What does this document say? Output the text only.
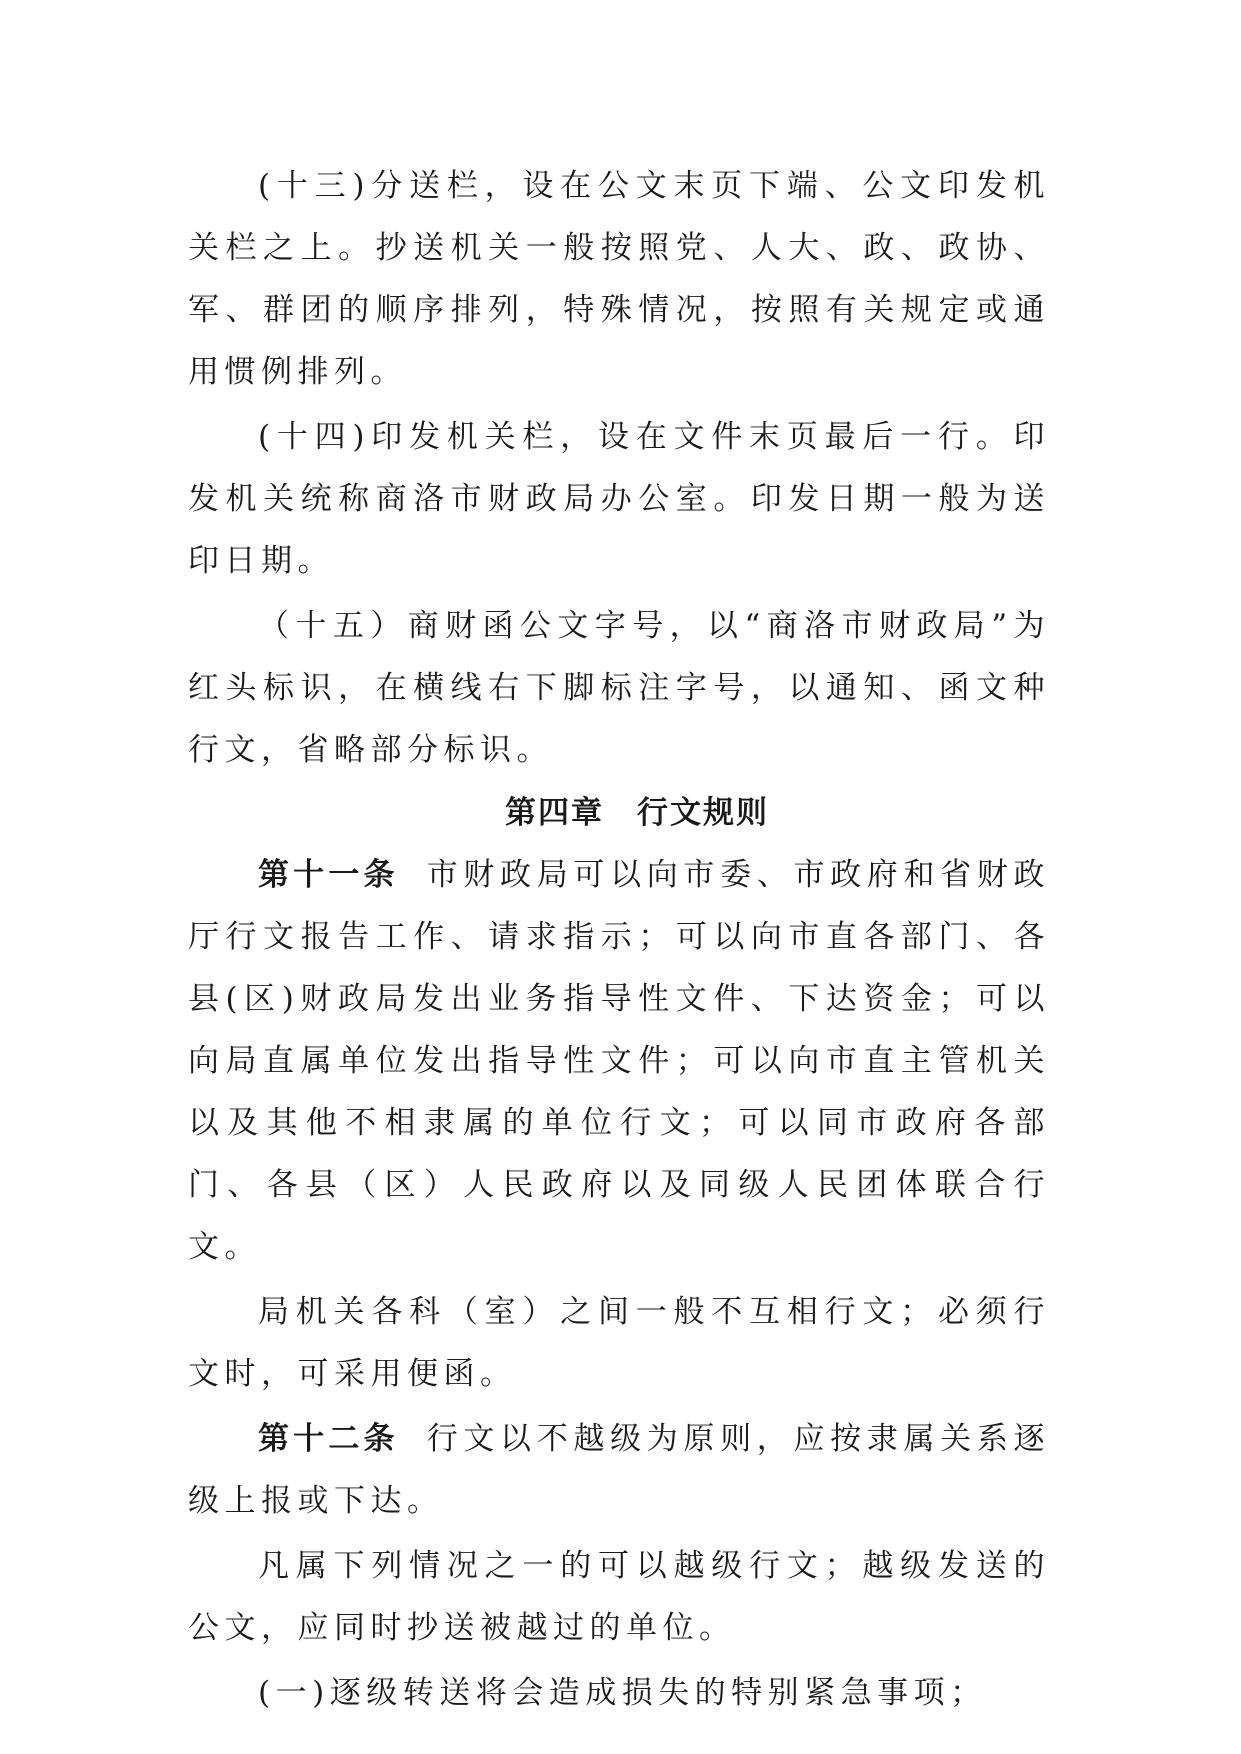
(十三)分送栏，设在公文末页下端、公文印发机关栏之上。抄送机关一般按照党、人大、政、政协、军、群团的顺序排列，特殊情况，按照有关规定或通用惯例排列。

(十四)印发机关栏，设在文件末页最后一行。印发机关统称商洛市财政局办公室。印发日期一般为送印日期。

（十五）商财函公文字号，以“商洛市财政局”为红头标识，在横线右下脚标注字号，以通知、函文种行文，省略部分标识。

第四章　行文规则

第十一条 市财政局可以向市委、市政府和省财政厅行文报告工作、请求指示；可以向市直各部门、各县(区)财政局发出业务指导性文件、下达资金；可以向局直属单位发出指导性文件；可以向市直主管机关以及其他不相隶属的单位行文；可以同市政府各部门、各县（区）人民政府以及同级人民团体联合行文。

局机关各科（室）之间一般不互相行文；必须行文时，可采用便函。

第十二条 行文以不越级为原则，应按隶属关系逐级上报或下达。

凡属下列情况之一的可以越级行文；越级发送的公文，应同时抄送被越过的单位。

(一)逐级转送将会造成损失的特别紧急事项；
